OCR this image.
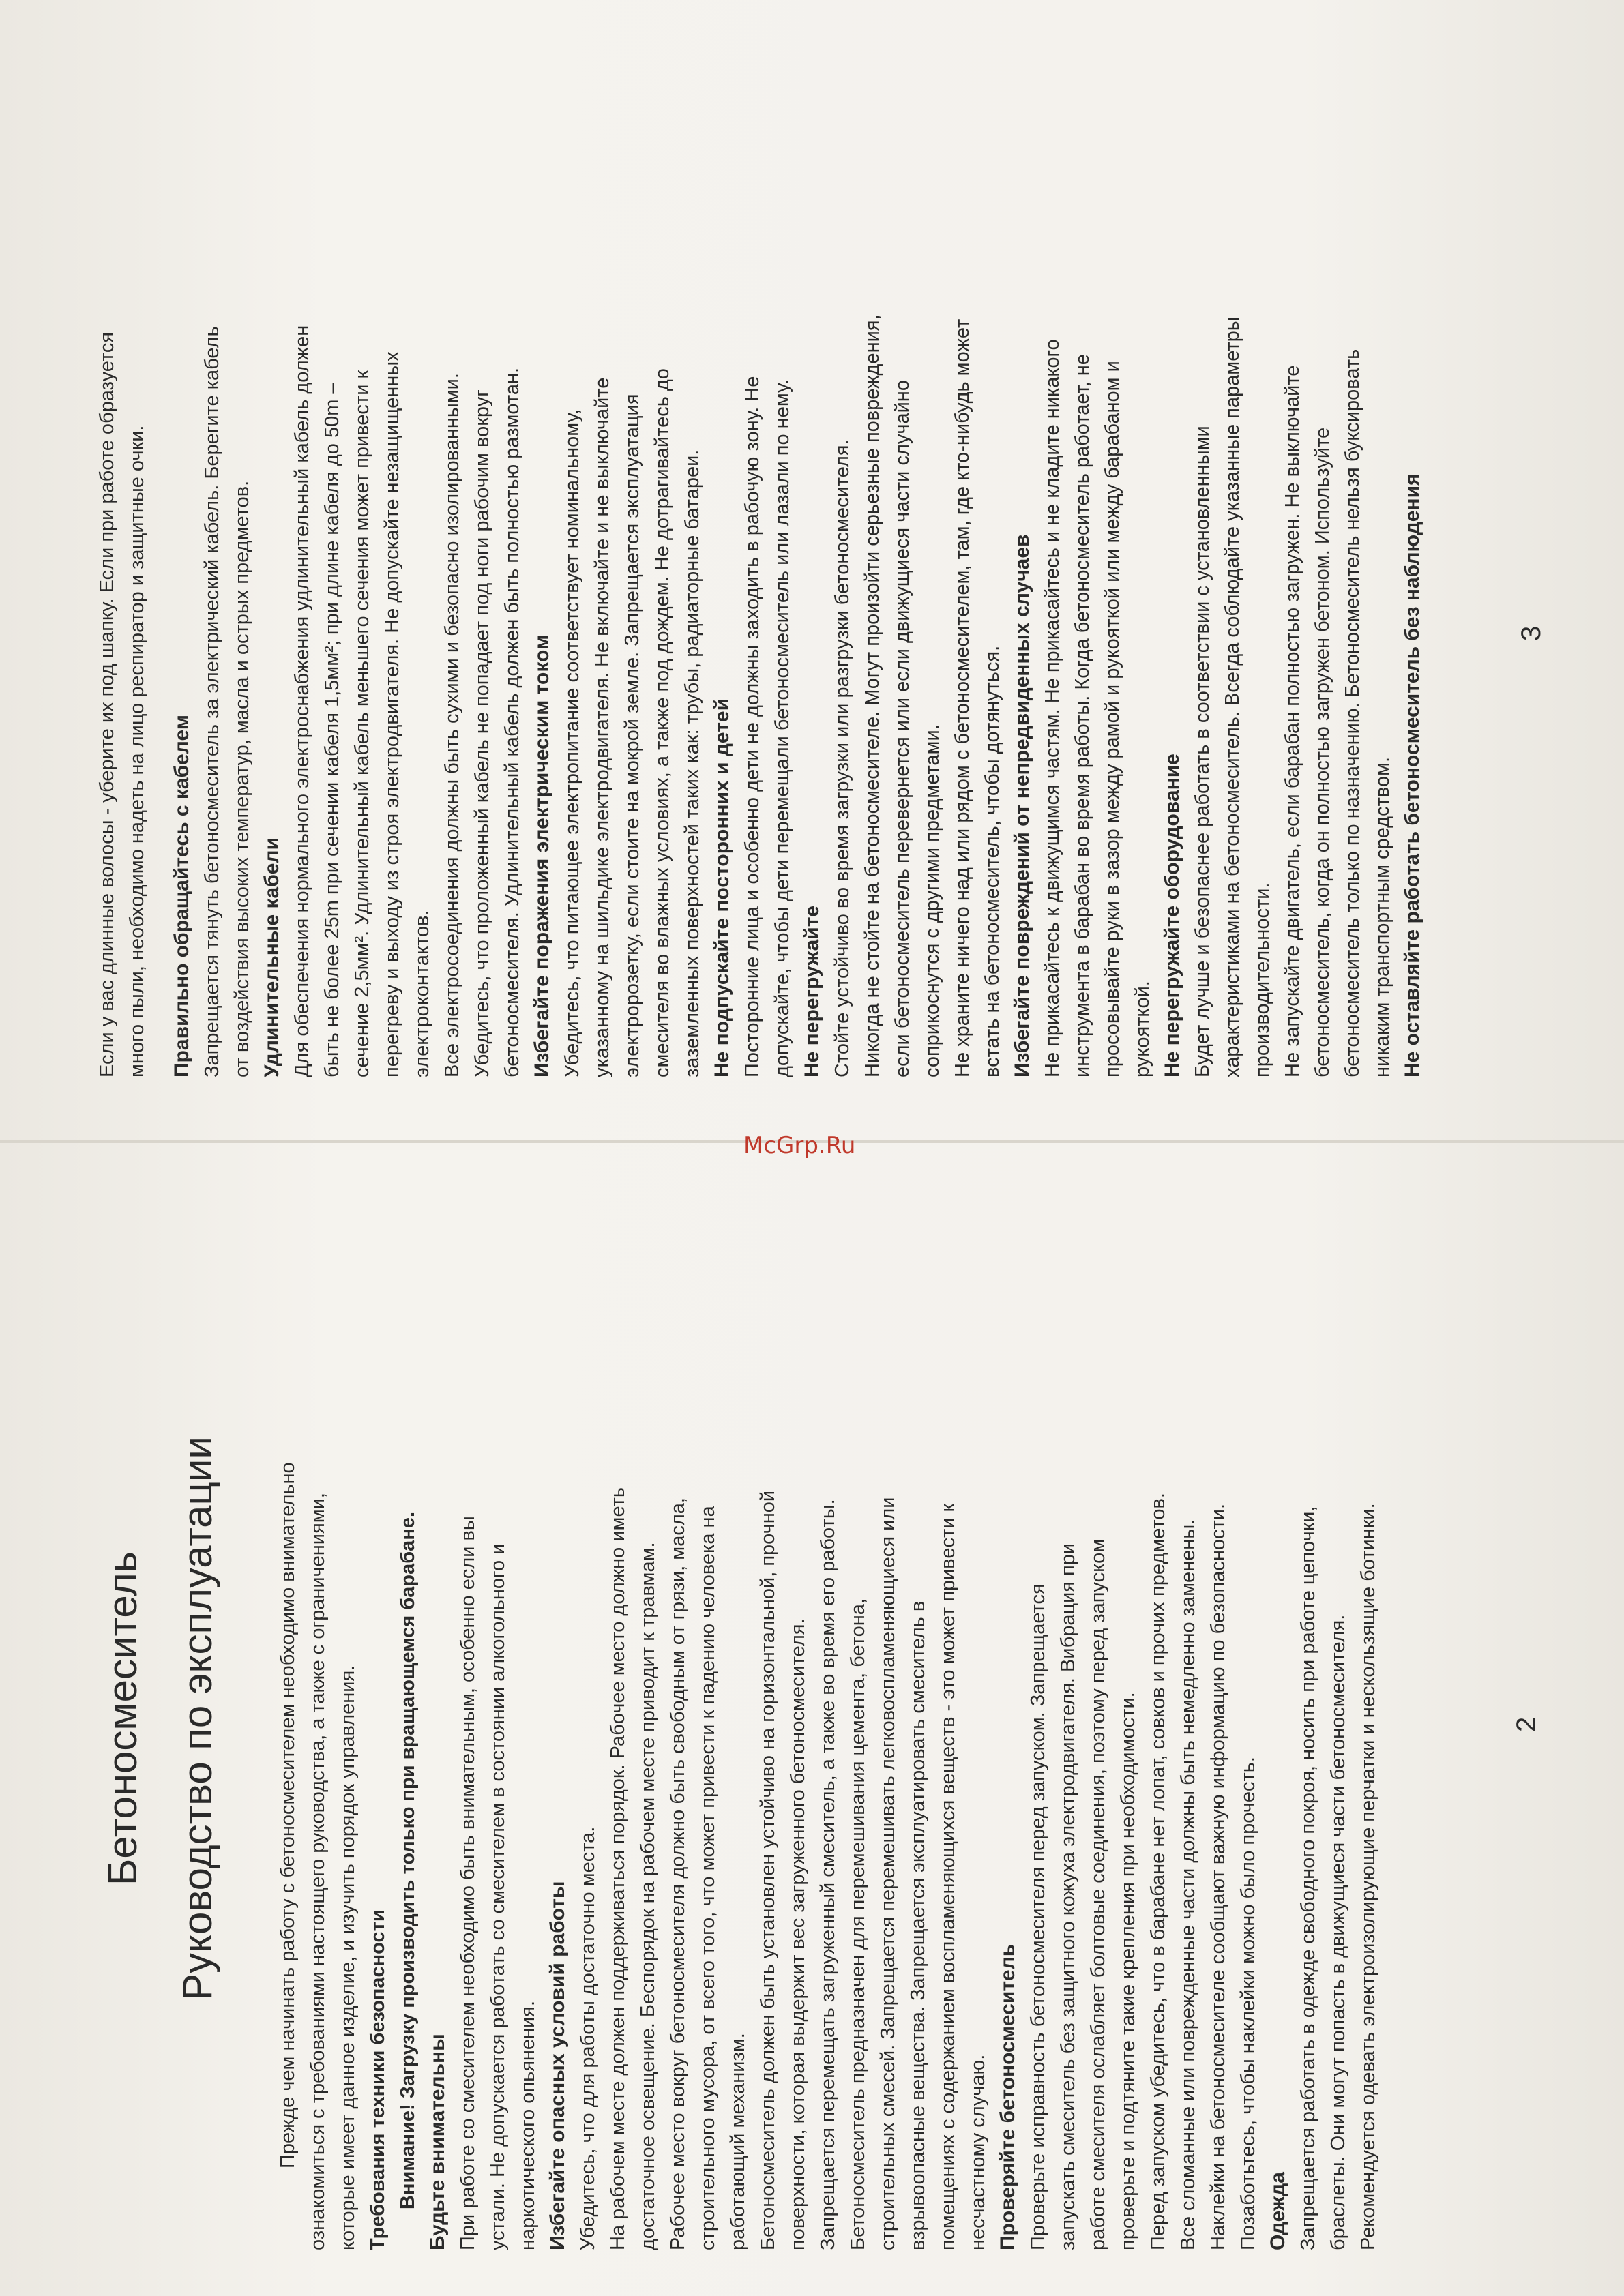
McGrp.Ru

Если у вас длинные волосы - уберите их под шапку. Если при работе образуется много пыли, необходимо надеть на лицо респиратор и защитные очки. Правильно обращайтесь с кабелем Запрещается тянуть бетоносмеситель за электрический кабель. Берегите кабель от воздействия высоких температур, масла и острых предметов. Удлинительные кабели Для обеспечения нормального электроснабжения удлинительный кабель должен быть не более 25m при сечении кабеля 1,5мм²; при длине кабеля до 50m – сечение 2,5мм². Удлинительный кабель меньшего сечения может привести к перегреву и выходу из строя электродвигателя. Не допускайте незащищенных электроконтактов. Все электросоединения должны быть сухими и безопасно изолированными. Убедитесь, что проложенный кабель не попадает под ноги рабочим вокруг бетоносмесителя. Удлинительный кабель должен быть полностью размотан. Избегайте поражения электрическим током Убедитесь, что питающее электропитание соответствует номинальному, указанному на шильдике электродвигателя. Не включайте и не выключайте электророзетку, если стоите на мокрой земле. Запрещается эксплуатация смесителя во влажных условиях, а также под дождем. Не дотрагивайтесь до заземленных поверхностей таких как: трубы, радиаторные батареи. Не подпускайте посторонних и детей Посторонние лица и особенно дети не должны заходить в рабочую зону. Не допускайте, чтобы дети перемещали бетоносмеситель или лазали по нему. Не перегружайте Стойте устойчиво во время загрузки или разгрузки бетоносмесителя. Никогда не стойте на бетоносмесителе. Могут произойти серьезные повреждения, если бетоносмеситель перевернется или если движущиеся части случайно соприкоснутся с другими предметами. Не храните ничего над или рядом с бетоносмесителем, там, где кто-нибудь может встать на бетоносмеситель, чтобы дотянуться. Избегайте повреждений от непредвиденных случаев Не прикасайтесь к движущимся частям. Не прикасайтесь и не кладите никакого инструмента в барабан во время работы. Когда бетоносмеситель работает, не просовывайте руки в зазор между рамой и рукояткой или между барабаном и рукояткой. Не перегружайте оборудование Будет лучше и безопаснее работать в соответствии с установленными характеристиками на бетоносмеситель. Всегда соблюдайте указанные параметры производительности. Не запускайте двигатель, если барабан полностью загружен. Не выключайте бетоносмеситель, когда он полностью загружен бетоном. Используйте бетоносмеситель только по назначению. Бетоносмеситель нельзя буксировать никаким транспортным средством. Не оставляйте работать бетоносмеситель без наблюдения	3
Бетоносмеситель Руководство по эксплуатации	Прежде чем начинать работу с бетоносмесителем необходимо внимательно ознакомиться с требованиями настоящего руководства, а также с ограничениями, которые имеет данное изделие, и изучить порядок управления. Требования техники безопасности Внимание! Загрузку производить только при вращающемся барабане. Будьте внимательны При работе со смесителем необходимо быть внимательным, особенно если вы устали. Не допускается работать со смесителем в состоянии алкогольного и наркотического опьянения. Избегайте опасных условий работы Убедитесь, что для работы достаточно места. На рабочем месте должен поддерживаться порядок. Рабочее место должно иметь достаточное освещение. Беспорядок на рабочем месте приводит к травмам. Рабочее место вокруг бетоносмесителя должно быть свободным от грязи, масла, строительного мусора, от всего того, что может привести к падению человека на работающий механизм. Бетоносмеситель должен быть установлен устойчиво на горизонтальной, прочной поверхности, которая выдержит вес загруженного бетоносмесителя. Запрещается перемещать загруженный смеситель, а также во время его работы. Бетоносмеситель предназначен для перемешивания цемента, бетона, строительных смесей. Запрещается перемешивать легковоспламеняющиеся или взрывоопасные вещества. Запрещается эксплуатировать смеситель в помещениях с содержанием воспламеняющихся веществ - это может привести к несчастному случаю. Проверяйте бетоносмеситель Проверьте исправность бетоносмесителя перед запуском. Запрещается запускать смеситель без защитного кожуха электродвигателя. Вибрация при работе смесителя ослабляет болтовые соединения, поэтому перед запуском проверьте и подтяните такие крепления при необходимости. Перед запуском убедитесь, что в барабане нет лопат, совков и прочих предметов. Все сломанные или поврежденные части должны быть немедленно заменены. Наклейки на бетоносмесителе сообщают важную информацию по безопасности. Позаботьтесь, чтобы наклейки можно было прочесть. Одежда Запрещается работать в одежде свободного покроя, носить при работе цепочки, браслеты. Они могут попасть в движущиеся части бетоносмесителя. Рекомендуется одевать электроизолирующие перчатки и нескользящие ботинки.	2
